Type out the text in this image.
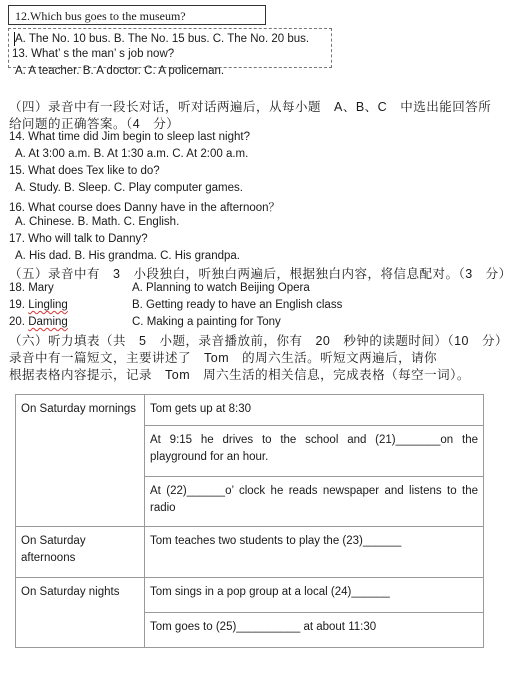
12.Which bus goes to the museum?
A. The No. 10 bus. B. The No. 15 bus. C. The No. 20 bus.
13. What’ s the man’ s job now?
A. A teacher. B. A doctor. C. A policeman.
（四）录音中有一段长对话，听对话两遍后，从每小题　A、B、C　中选出能回答所
给问题的正确答案。（4　分）
14. What time did Jim begin to sleep last night?
A. At 3:00 a.m. B. At 1:30 a.m. C. At 2:00 a.m.
15. What does Tex like to do?
A. Study. B. Sleep. C. Play computer games.
16. What course does Danny have in the afternoon？
A. Chinese. B. Math. C. English.
17. Who will talk to Danny?
A. His dad. B. His grandma. C. His grandpa.
（五）录音中有　3　小段独白，听独白两遍后，根据独白内容，将信息配对。（3　分）
18. Mary	A. Planning to watch Beijing Opera
19. Lingling	B. Getting ready to have an English class
20. Daming	C. Making a painting for Tony
（六）听力填表（共　5　小题，录音播放前，你有　20　秒钟的读题时间）（10　分）
录音中有一篇短文，主要讲述了　Tom　的周六生活。听短文两遍后，请你
根据表格内容提示，记录　Tom　周六生活的相关信息，完成表格（每空一词）。
On Saturday mornings	Tom gets up at 8:30
	At 9:15 he drives to the school and (21)_______on the playground for an hour.
	At (22)______o’ clock he reads newspaper and listens to the radio
On Saturday afternoons	Tom teaches two students to play the (23)______
On Saturday nights	Tom sings in a pop group at a local (24)______
	Tom goes to (25)__________ at about 11:30
